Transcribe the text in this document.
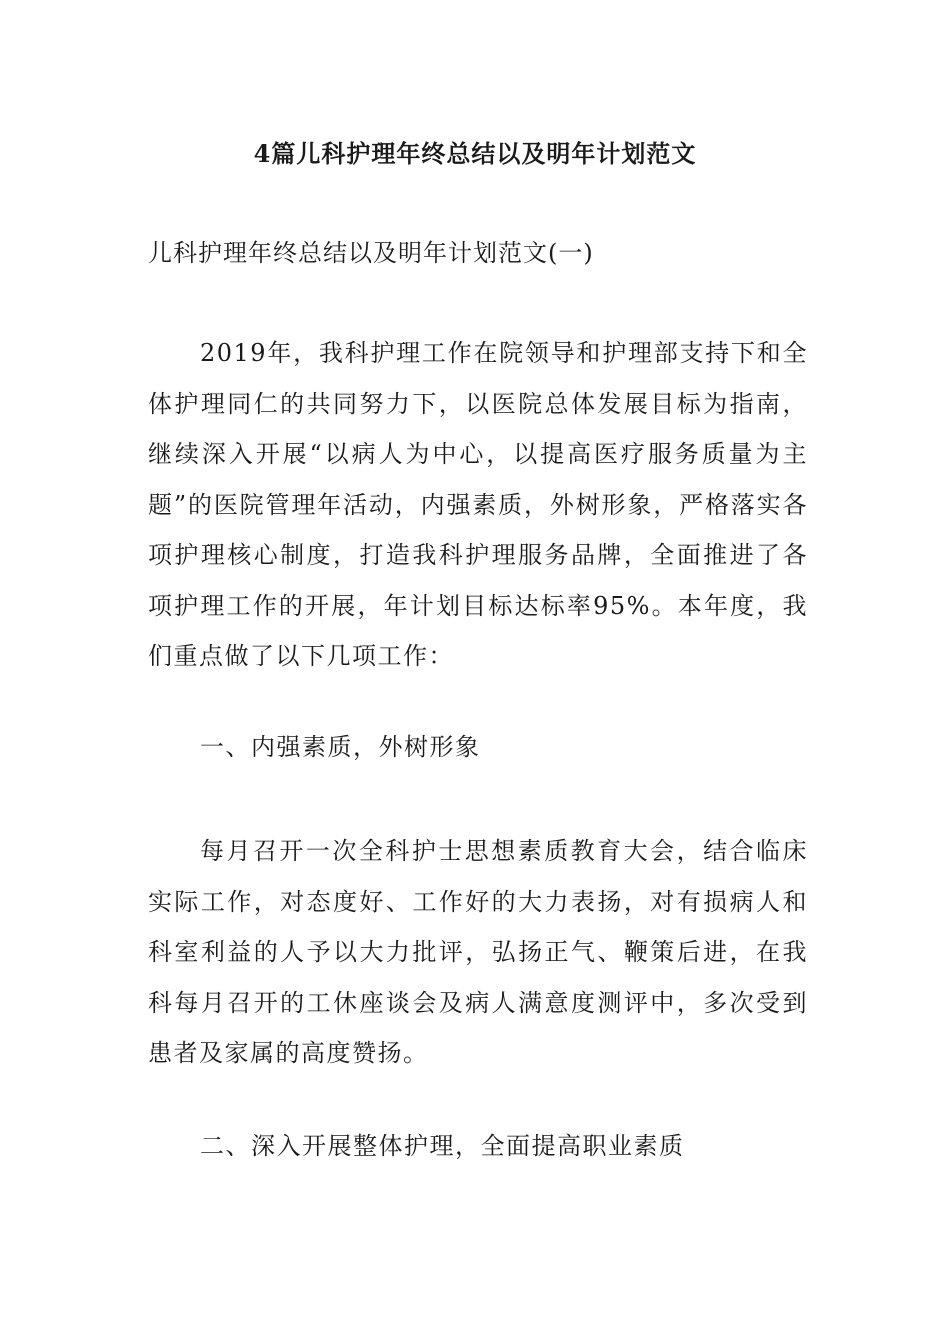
4篇儿科护理年终总结以及明年计划范文

儿科护理年终总结以及明年计划范文(一)

2019年，我科护理工作在院领导和护理部支持下和全体护理同仁的共同努力下，以医院总体发展目标为指南，继续深入开展“以病人为中心，以提高医疗服务质量为主题”的医院管理年活动，内强素质，外树形象，严格落实各项护理核心制度，打造我科护理服务品牌，全面推进了各项护理工作的开展，年计划目标达标率95%。本年度，我们重点做了以下几项工作：

一、内强素质，外树形象

每月召开一次全科护士思想素质教育大会，结合临床实际工作，对态度好、工作好的大力表扬，对有损病人和科室利益的人予以大力批评，弘扬正气、鞭策后进，在我科每月召开的工休座谈会及病人满意度测评中，多次受到患者及家属的高度赞扬。

二、深入开展整体护理，全面提高职业素质
